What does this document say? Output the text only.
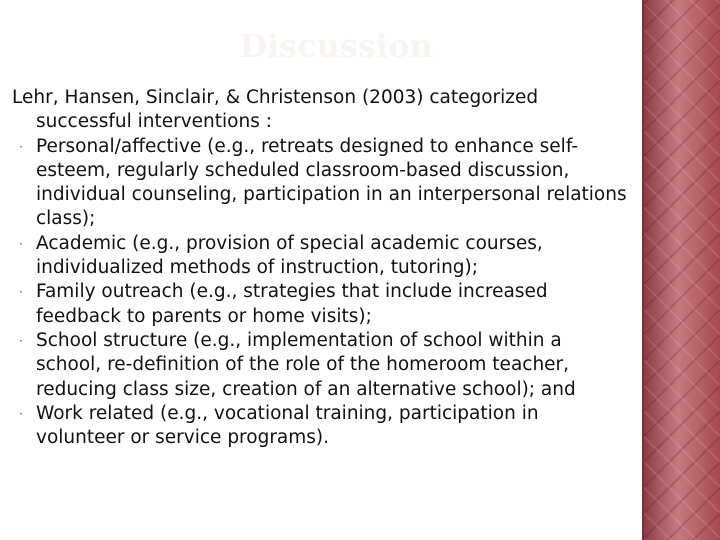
Discussion

Lehr, Hansen, Sinclair, & Christenson (2003) categorized successful interventions :

· Personal/affective (e.g., retreats designed to enhance self-esteem, regularly scheduled classroom-based discussion, individual counseling, participation in an interpersonal relations class);
· Academic (e.g., provision of special academic courses, individualized methods of instruction, tutoring);
· Family outreach (e.g., strategies that include increased feedback to parents or home visits);
· School structure (e.g., implementation of school within a school, re-definition of the role of the homeroom teacher, reducing class size, creation of an alternative school); and
· Work related (e.g., vocational training, participation in volunteer or service programs).
